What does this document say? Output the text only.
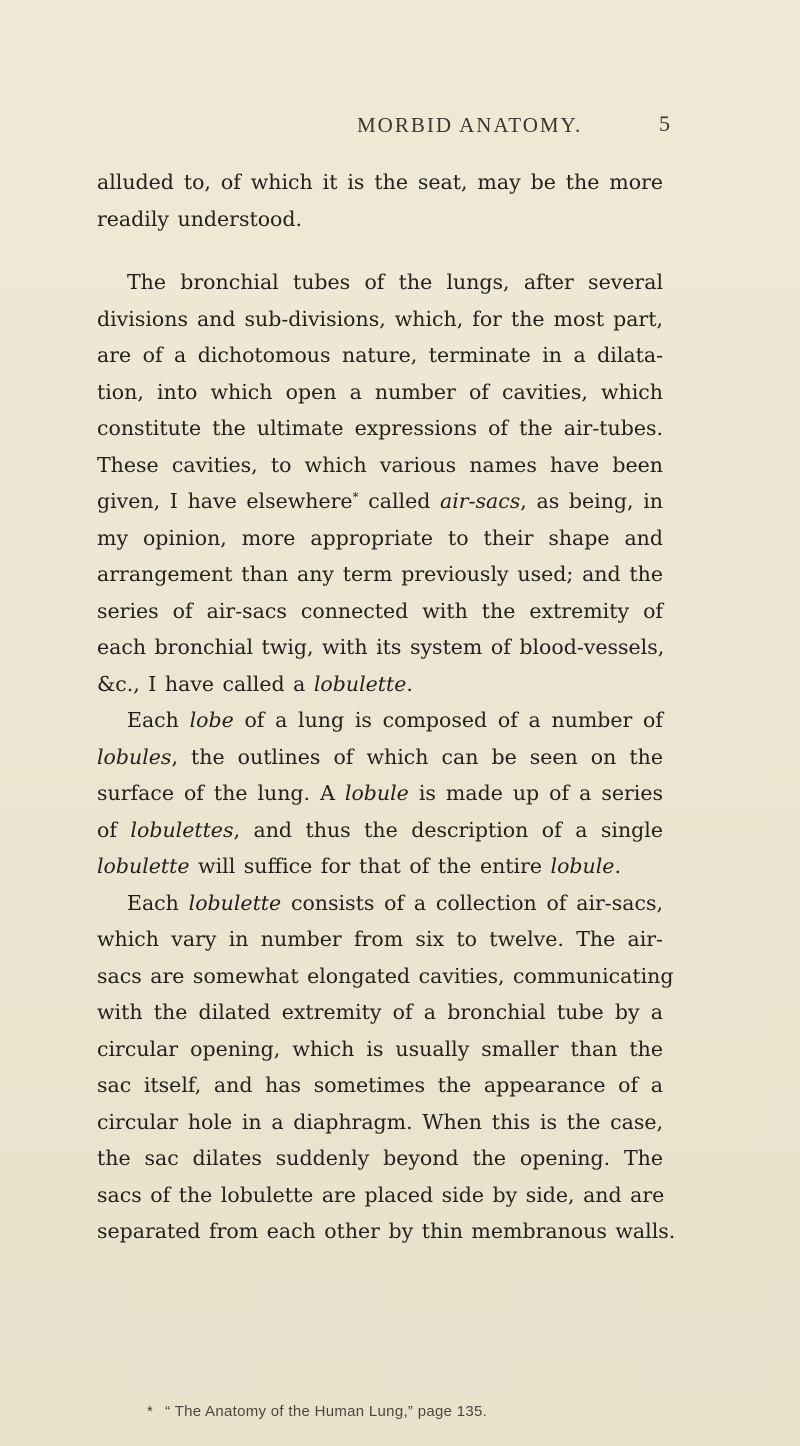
MORBID ANATOMY.	5

alluded to, of which it is the seat, may be the more
readily understood.

The bronchial tubes of the lungs, after several
divisions and sub-divisions, which, for the most part,
are of a dichotomous nature, terminate in a dilata-
tion, into which open a number of cavities, which
constitute the ultimate expressions of the air-tubes.
These cavities, to which various names have been
given, I have elsewhere* called air-sacs, as being, in
my opinion, more appropriate to their shape and
arrangement than any term previously used; and the
series of air-sacs connected with the extremity of
each bronchial twig, with its system of blood-vessels,
&c., I have called a lobulette.

Each lobe of a lung is composed of a number of
lobules, the outlines of which can be seen on the
surface of the lung. A lobule is made up of a series
of lobulettes, and thus the description of a single
lobulette will suffice for that of the entire lobule.

Each lobulette consists of a collection of air-sacs,
which vary in number from six to twelve. The air-
sacs are somewhat elongated cavities, communicating
with the dilated extremity of a bronchial tube by a
circular opening, which is usually smaller than the
sac itself, and has sometimes the appearance of a
circular hole in a diaphragm. When this is the case,
the sac dilates suddenly beyond the opening. The
sacs of the lobulette are placed side by side, and are
separated from each other by thin membranous walls.

* “ The Anatomy of the Human Lung,” page 135.
